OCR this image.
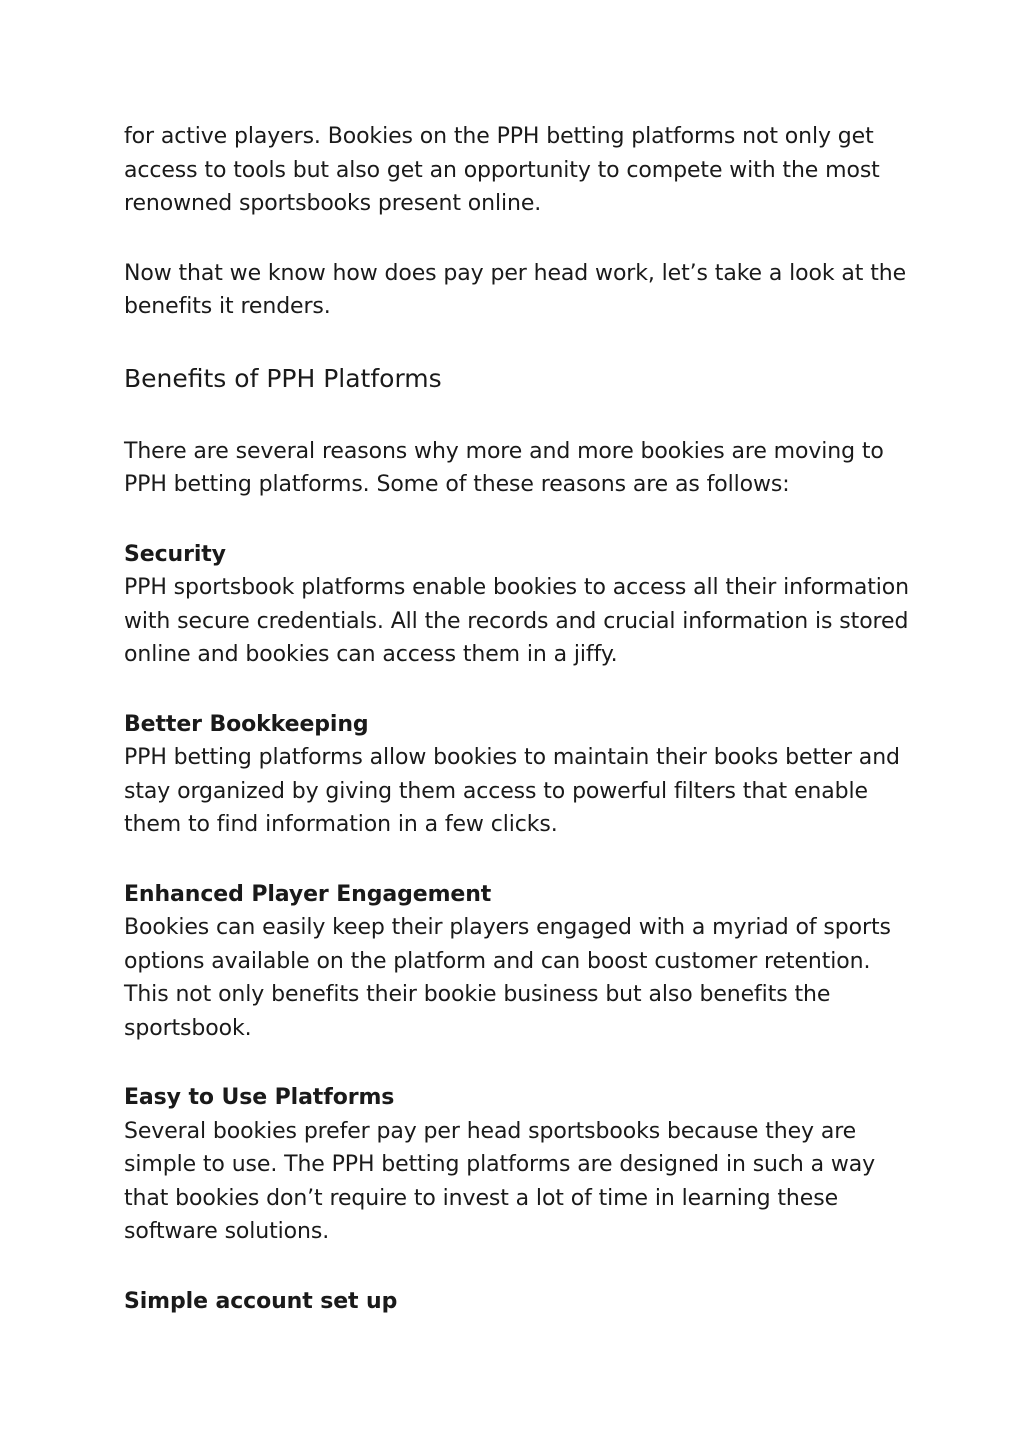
for active players. Bookies on the PPH betting platforms not only get access to tools but also get an opportunity to compete with the most renowned sportsbooks present online.

Now that we know how does pay per head work, let’s take a look at the benefits it renders.

Benefits of PPH Platforms

There are several reasons why more and more bookies are moving to PPH betting platforms. Some of these reasons are as follows:

Security

PPH sportsbook platforms enable bookies to access all their information with secure credentials. All the records and crucial information is stored online and bookies can access them in a jiffy.

Better Bookkeeping

PPH betting platforms allow bookies to maintain their books better and stay organized by giving them access to powerful filters that enable them to find information in a few clicks.

Enhanced Player Engagement

Bookies can easily keep their players engaged with a myriad of sports options available on the platform and can boost customer retention. This not only benefits their bookie business but also benefits the sportsbook.

Easy to Use Platforms

Several bookies prefer pay per head sportsbooks because they are simple to use. The PPH betting platforms are designed in such a way that bookies don’t require to invest a lot of time in learning these software solutions.

Simple account set up
